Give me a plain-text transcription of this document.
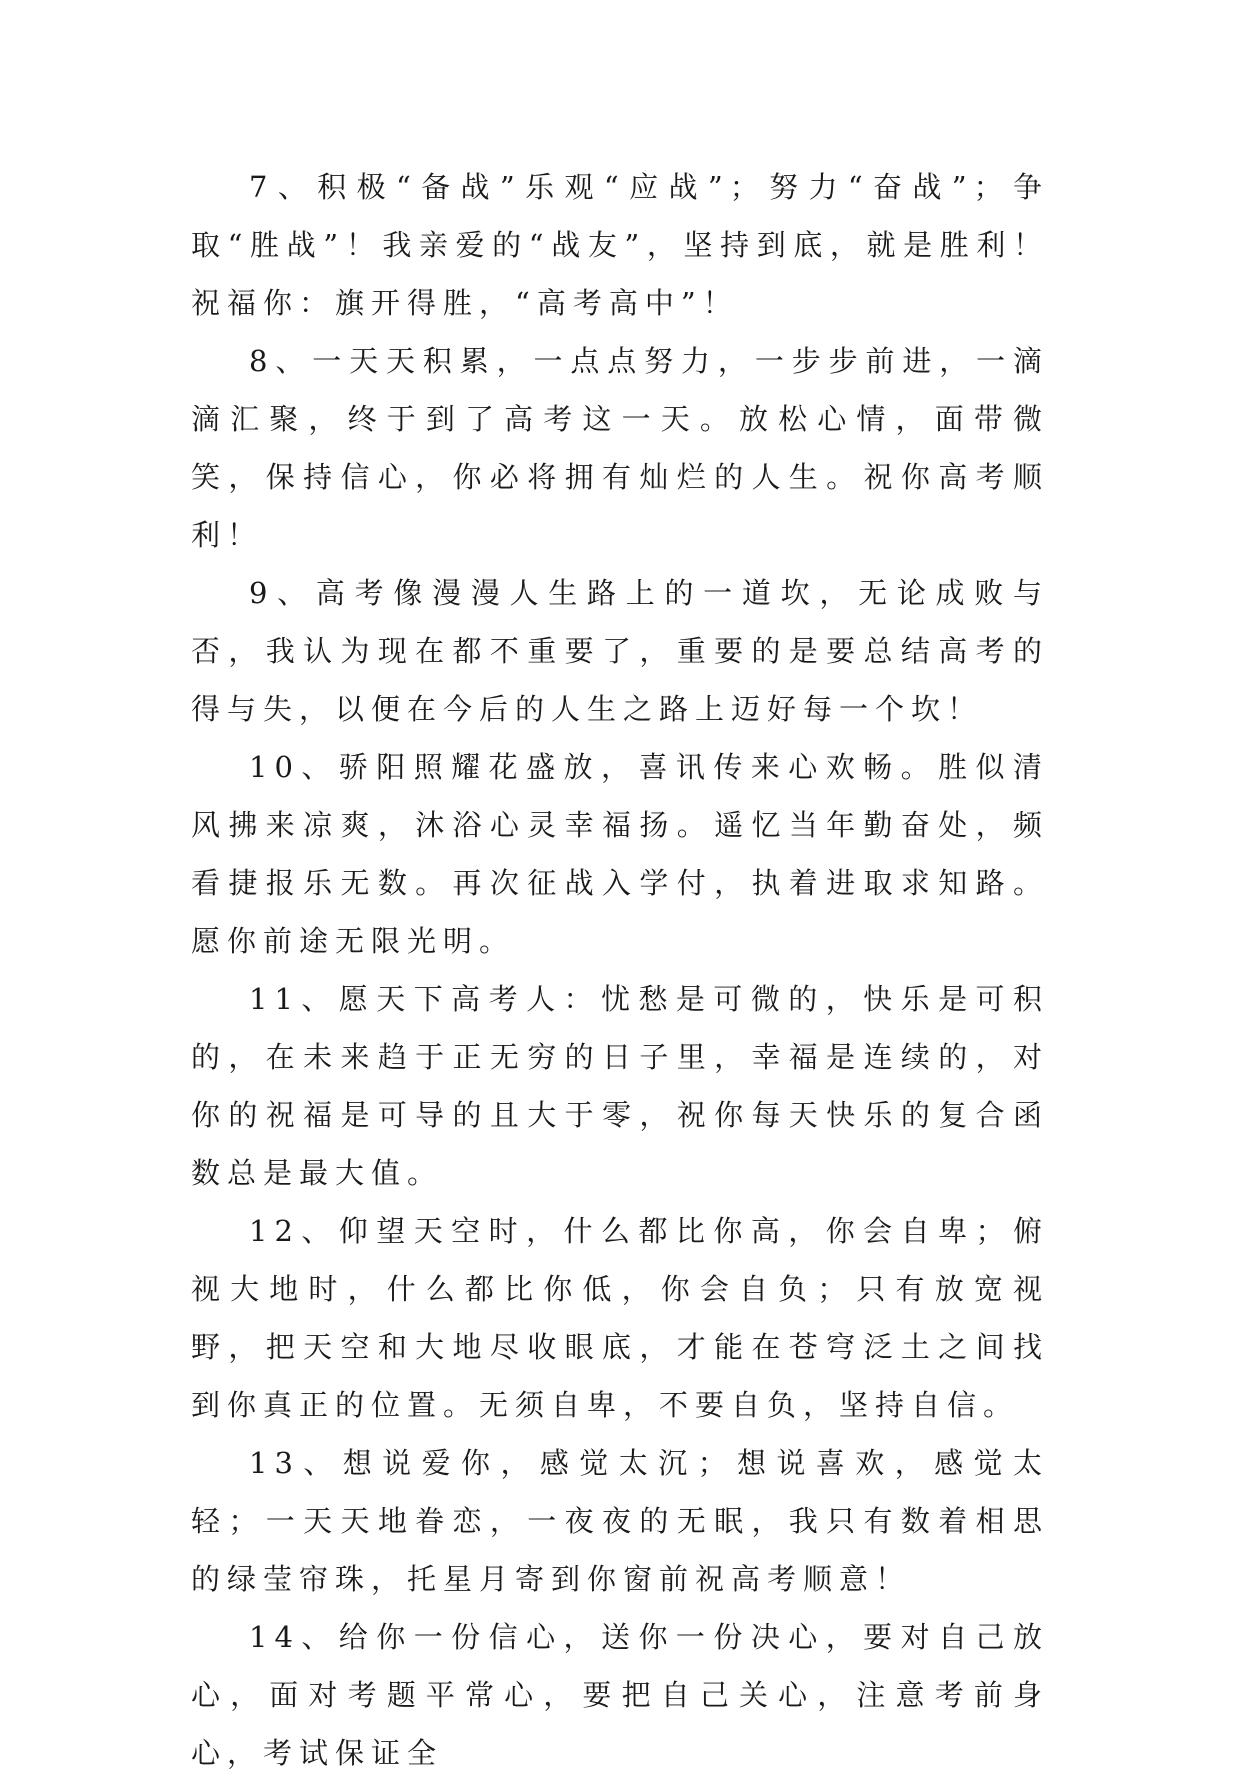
7、积极“备战”乐观“应战”；努力“奋战”；争取“胜战”！我亲爱的“战友”，坚持到底，就是胜利！祝福你：旗开得胜，“高考高中”！

8、一天天积累，一点点努力，一步步前进，一滴滴汇聚，终于到了高考这一天。放松心情，面带微笑，保持信心，你必将拥有灿烂的人生。祝你高考顺利！

9、高考像漫漫人生路上的一道坎，无论成败与否，我认为现在都不重要了，重要的是要总结高考的得与失，以便在今后的人生之路上迈好每一个坎！

10、骄阳照耀花盛放，喜讯传来心欢畅。胜似清风拂来凉爽，沐浴心灵幸福扬。遥忆当年勤奋处，频看捷报乐无数。再次征战入学付，执着进取求知路。愿你前途无限光明。

11、愿天下高考人：忧愁是可微的，快乐是可积的，在未来趋于正无穷的日子里，幸福是连续的，对你的祝福是可导的且大于零，祝你每天快乐的复合函数总是最大值。

12、仰望天空时，什么都比你高，你会自卑；俯视大地时，什么都比你低，你会自负；只有放宽视野，把天空和大地尽收眼底，才能在苍穹泛土之间找到你真正的位置。无须自卑，不要自负，坚持自信。

13、想说爱你，感觉太沉；想说喜欢，感觉太轻；一天天地眷恋，一夜夜的无眠，我只有数着相思的绿莹帘珠，托星月寄到你窗前祝高考顺意！

14、给你一份信心，送你一份决心，要对自己放心，面对考题平常心，要把自己关心，注意考前身心，考试保证全
